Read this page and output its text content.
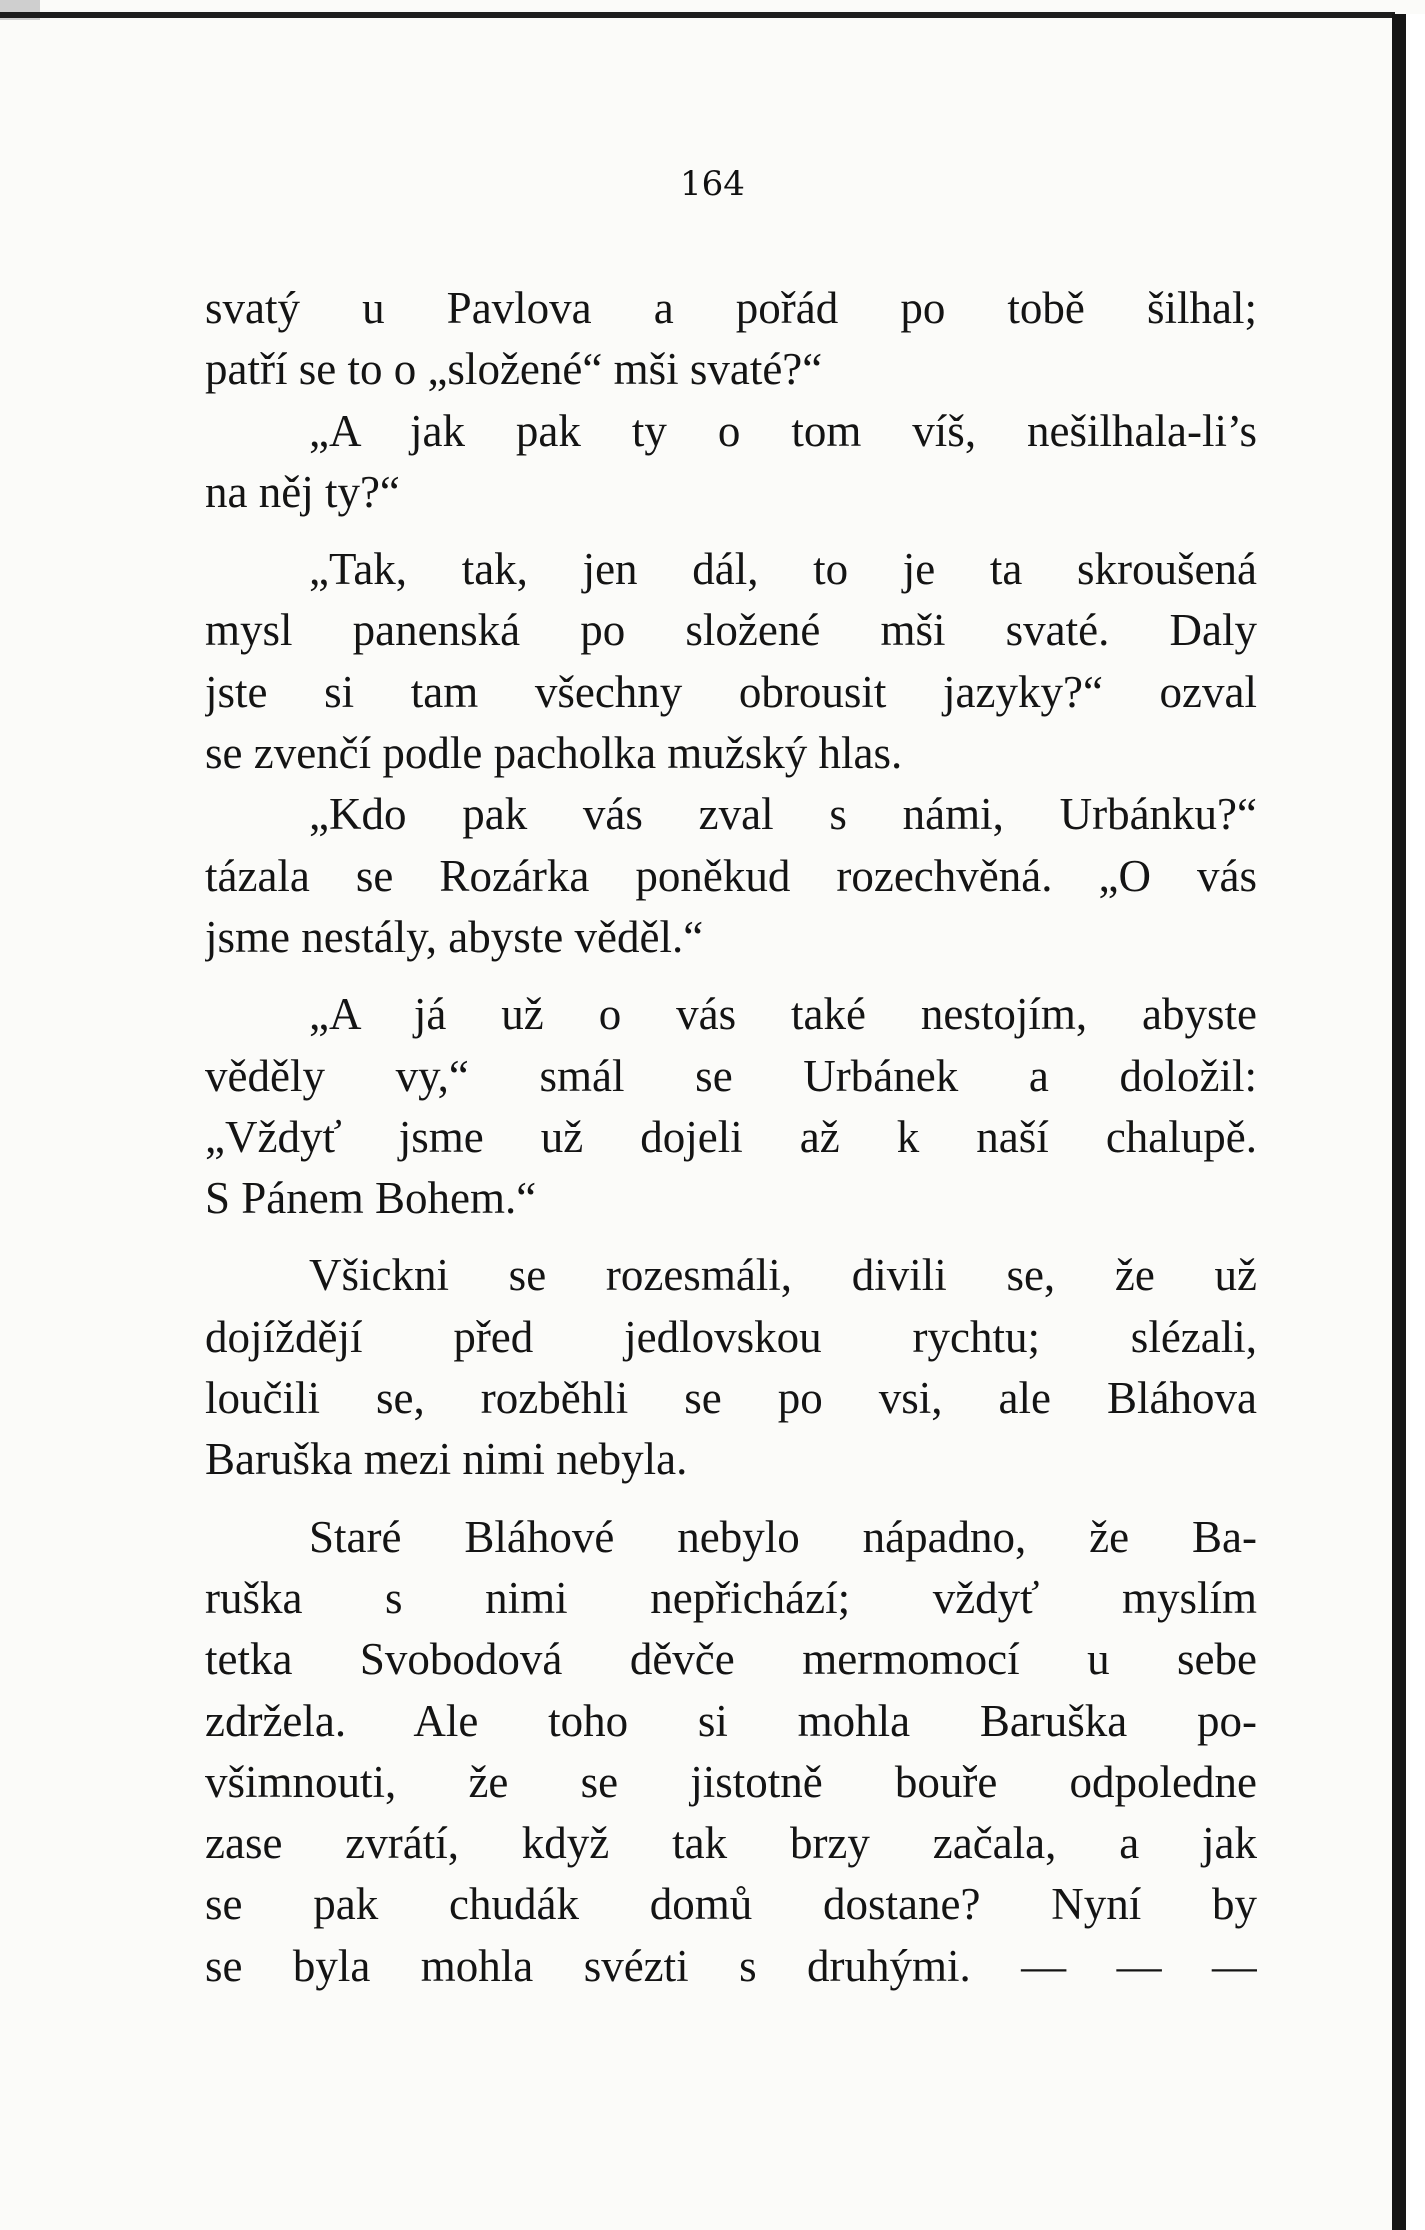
164
svatý u Pavlova a pořád po tobě šilhal;
patří se to o „složené“ mši svaté?“
„A jak pak ty o tom víš, nešilhala-li’s
na něj ty?“
„Tak, tak, jen dál, to je ta skroušená
mysl panenská po složené mši svaté. Daly
jste si tam všechny obrousit jazyky?“ ozval
se zvenčí podle pacholka mužský hlas.
„Kdo pak vás zval s námi, Urbánku?“
tázala se Rozárka poněkud rozechvěná. „O vás
jsme nestály, abyste věděl.“
„A já už o vás také nestojím, abyste
věděly vy,“ smál se Urbánek a doložil:
„Vždyť jsme už dojeli až k naší chalupě.
S Pánem Bohem.“
Všickni se rozesmáli, divili se, že už
dojíždějí před jedlovskou rychtu; slézali,
loučili se, rozběhli se po vsi, ale Bláhova
Baruška mezi nimi nebyla.
Staré Bláhové nebylo nápadno, že Ba-
ruška s nimi nepřichází; vždyť myslím
tetka Svobodová děvče mermomocí u sebe
zdržela. Ale toho si mohla Baruška po-
všimnouti, že se jistotně bouře odpoledne
zase zvrátí, když tak brzy začala, a jak
se pak chudák domů dostane? Nyní by
se byla mohla svézti s druhými. — — —
